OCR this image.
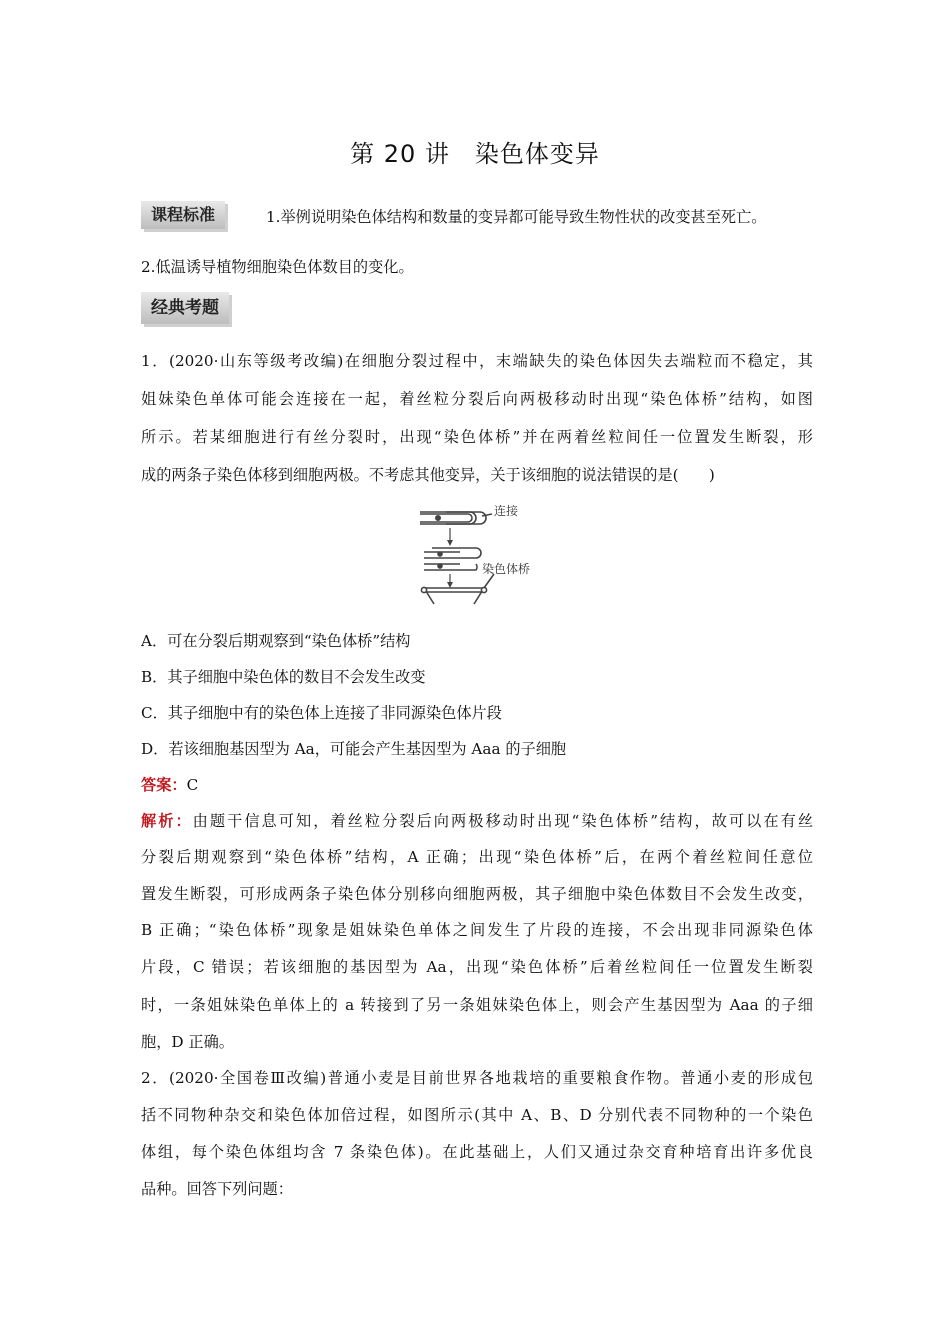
第 20 讲　染色体变异
课程标准	1.举例说明染色体结构和数量的变异都可能导致生物性状的改变甚至死亡。
2.低温诱导植物细胞染色体数目的变化。
经典考题
1．(2020·山东等级考改编)在细胞分裂过程中，末端缺失的染色体因失去端粒而不稳定，其
姐妹染色单体可能会连接在一起，着丝粒分裂后向两极移动时出现“染色体桥”结构，如图
所示。若某细胞进行有丝分裂时，出现“染色体桥”并在两着丝粒间任一位置发生断裂，形
成的两条子染色体移到细胞两极。不考虑其他变异，关于该细胞的说法错误的是(　　)
连接
染色体桥
A．可在分裂后期观察到“染色体桥”结构
B．其子细胞中染色体的数目不会发生改变
C．其子细胞中有的染色体上连接了非同源染色体片段
D．若该细胞基因型为 Aa，可能会产生基因型为 Aaa 的子细胞
答案：C
解析：由题干信息可知，着丝粒分裂后向两极移动时出现“染色体桥”结构，故可以在有丝
分裂后期观察到“染色体桥”结构，A 正确；出现“染色体桥”后，在两个着丝粒间任意位
置发生断裂，可形成两条子染色体分别移向细胞两极，其子细胞中染色体数目不会发生改变，
B 正确；“染色体桥”现象是姐妹染色单体之间发生了片段的连接，不会出现非同源染色体
片段，C 错误；若该细胞的基因型为 Aa，出现“染色体桥”后着丝粒间任一位置发生断裂
时，一条姐妹染色单体上的 a 转接到了另一条姐妹染色体上，则会产生基因型为 Aaa 的子细
胞，D 正确。
2．(2020·全国卷Ⅲ改编)普通小麦是目前世界各地栽培的重要粮食作物。普通小麦的形成包
括不同物种杂交和染色体加倍过程，如图所示(其中 A、B、D 分别代表不同物种的一个染色
体组，每个染色体组均含 7 条染色体)。在此基础上，人们又通过杂交育种培育出许多优良
品种。回答下列问题：
